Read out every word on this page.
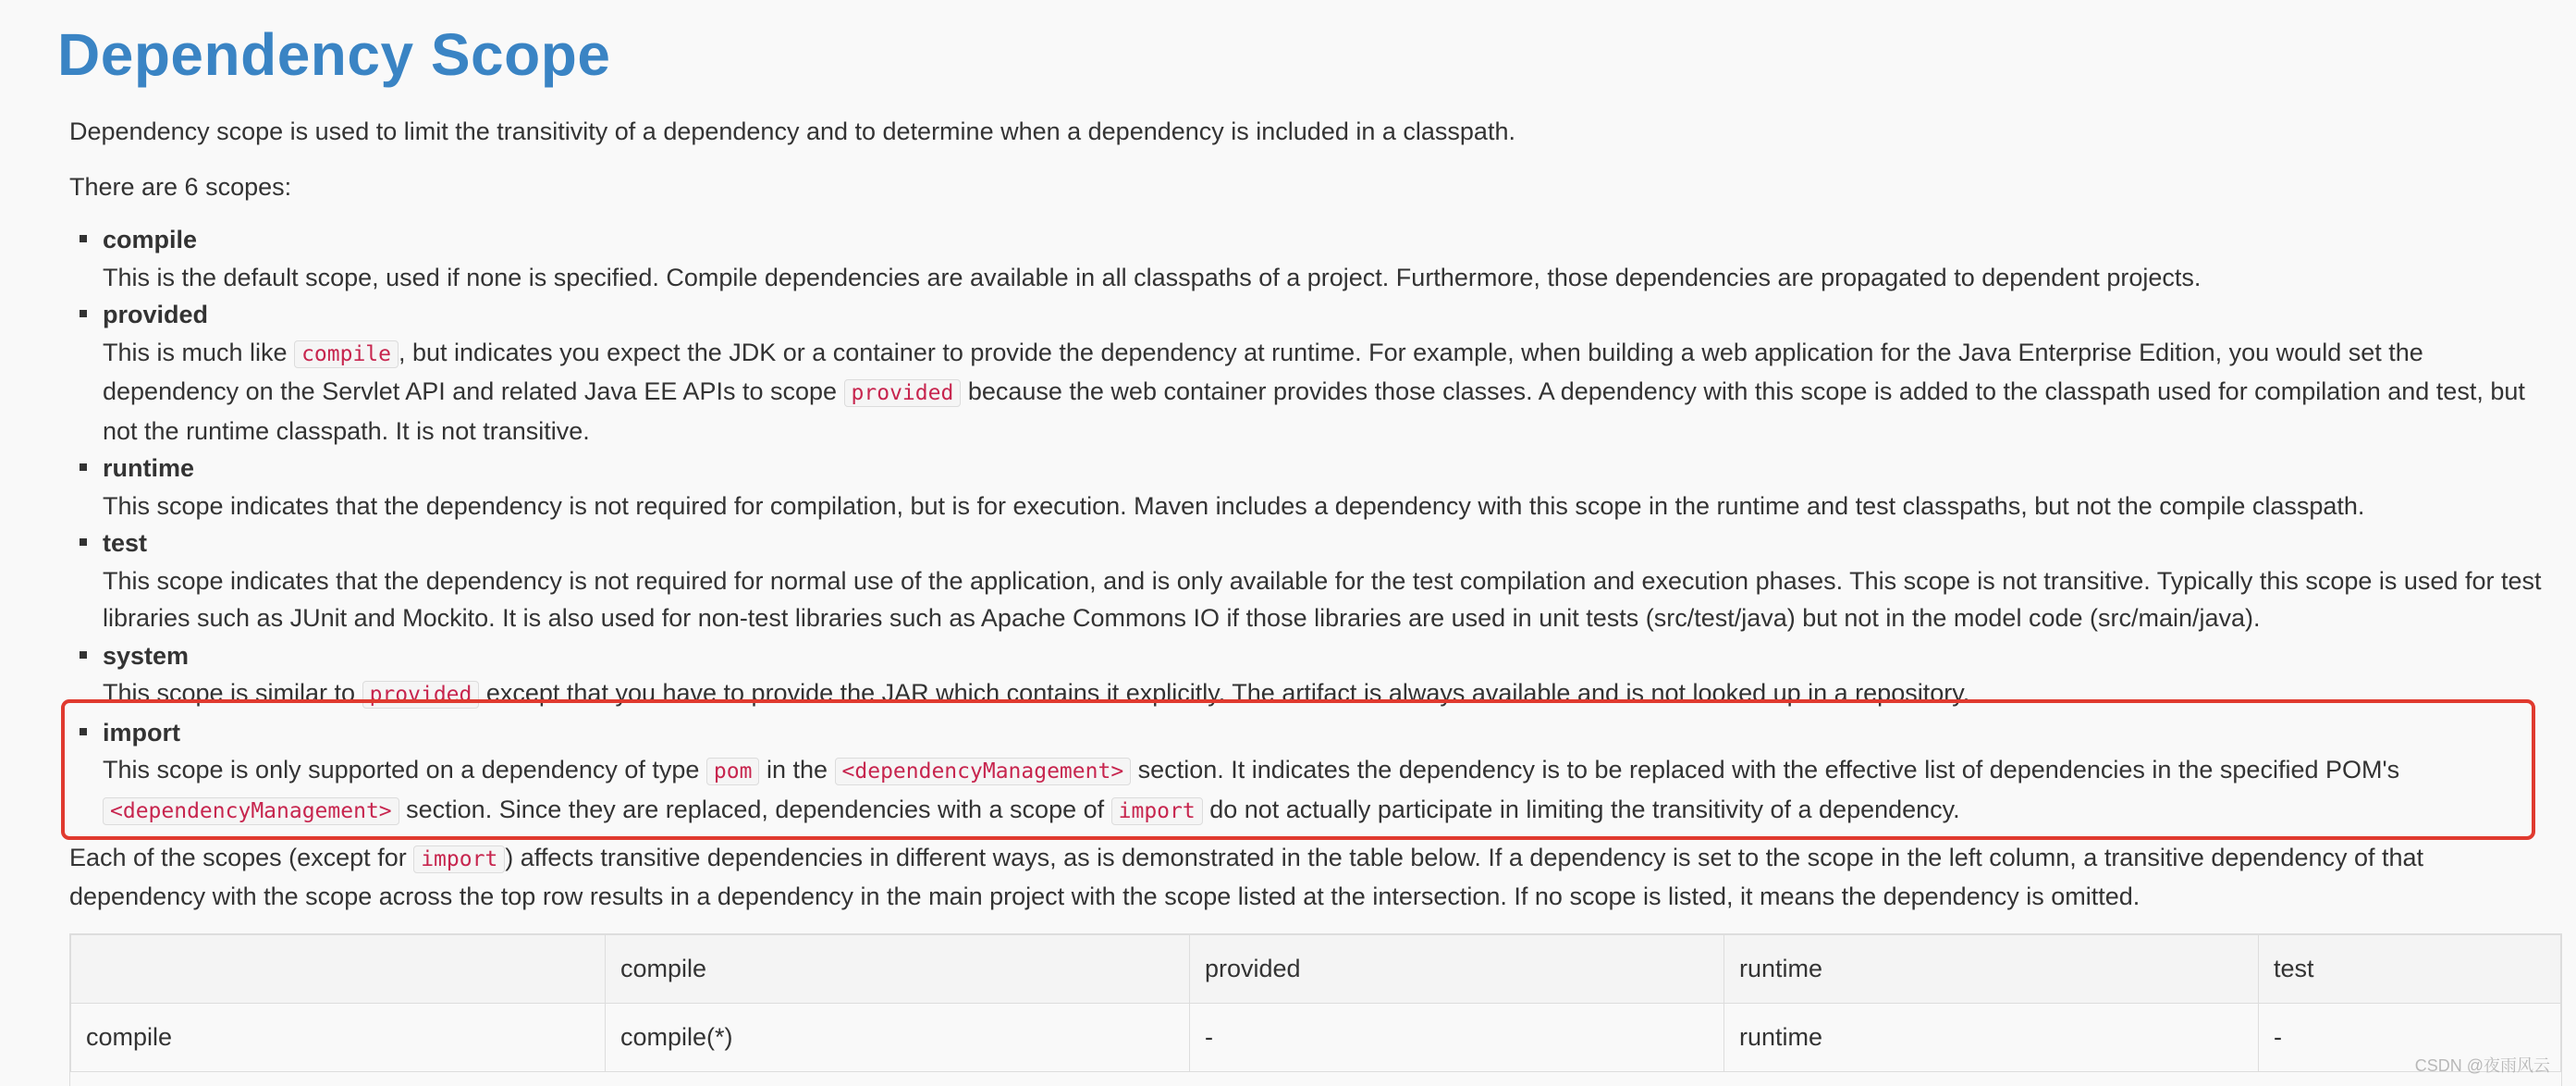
Dependency Scope

Dependency scope is used to limit the transitivity of a dependency and to determine when a dependency is included in a classpath.

There are 6 scopes:

compile
This is the default scope, used if none is specified. Compile dependencies are available in all classpaths of a project. Furthermore, those dependencies are propagated to dependent projects.
provided
This is much like compile , but indicates you expect the JDK or a container to provide the dependency at runtime. For example, when building a web application for the Java Enterprise Edition, you would set the dependency on the Servlet API and related Java EE APIs to scope provided because the web container provides those classes. A dependency with this scope is added to the classpath used for compilation and test, but not the runtime classpath. It is not transitive.
runtime
This scope indicates that the dependency is not required for compilation, but is for execution. Maven includes a dependency with this scope in the runtime and test classpaths, but not the compile classpath.
test
This scope indicates that the dependency is not required for normal use of the application, and is only available for the test compilation and execution phases. This scope is not transitive. Typically this scope is used for test libraries such as JUnit and Mockito. It is also used for non-test libraries such as Apache Commons IO if those libraries are used in unit tests (src/test/java) but not in the model code (src/main/java).
system
This scope is similar to provided except that you have to provide the JAR which contains it explicitly. The artifact is always available and is not looked up in a repository.
import
This scope is only supported on a dependency of type pom in the <dependencyManagement> section. It indicates the dependency is to be replaced with the effective list of dependencies in the specified POM's <dependencyManagement> section. Since they are replaced, dependencies with a scope of import do not actually participate in limiting the transitivity of a dependency.

Each of the scopes (except for import ) affects transitive dependencies in different ways, as is demonstrated in the table below. If a dependency is set to the scope in the left column, a transitive dependency of that dependency with the scope across the top row results in a dependency in the main project with the scope listed at the intersection. If no scope is listed, it means the dependency is omitted.

	compile	provided	runtime	test
compile	compile(*)	-	runtime	-
CSDN @夜雨风云
